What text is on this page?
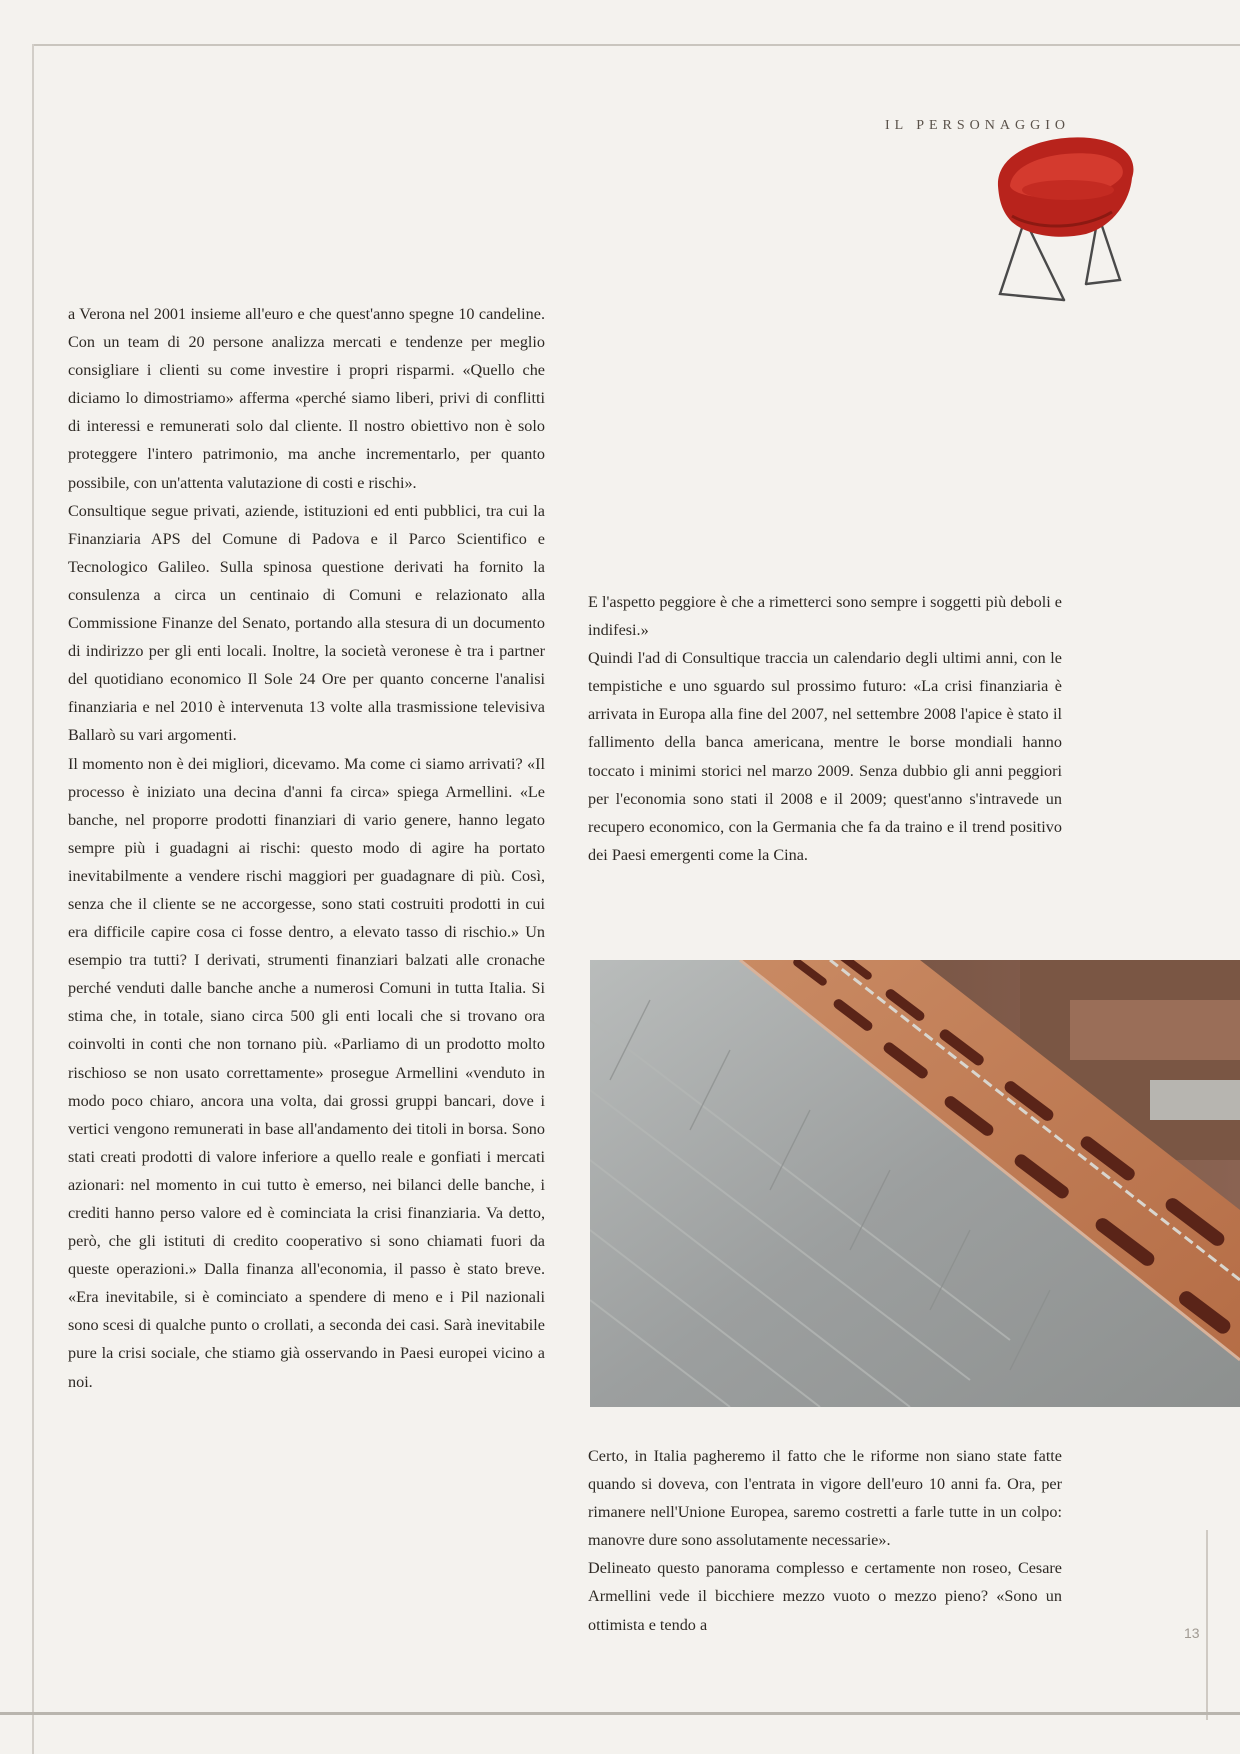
IL PERSONAGGIO

a Verona nel 2001 insieme all'euro e che quest'anno spegne 10 candeline. Con un team di 20 persone analizza mercati e tendenze per meglio consigliare i clienti su come investire i propri risparmi. «Quello che diciamo lo dimostriamo» afferma «perché siamo liberi, privi di conflitti di interessi e remunerati solo dal cliente. Il nostro obiettivo non è solo proteggere l'intero patrimonio, ma anche incrementarlo, per quanto possibile, con un'attenta valutazione di costi e rischi».

Consultique segue privati, aziende, istituzioni ed enti pubblici, tra cui la Finanziaria APS del Comune di Padova e il Parco Scientifico e Tecnologico Galileo. Sulla spinosa questione derivati ha fornito la consulenza a circa un centinaio di Comuni e relazionato alla Commissione Finanze del Senato, portando alla stesura di un documento di indirizzo per gli enti locali. Inoltre, la società veronese è tra i partner del quotidiano economico Il Sole 24 Ore per quanto concerne l'analisi finanziaria e nel 2010 è intervenuta 13 volte alla trasmissione televisiva Ballarò su vari argomenti.

Il momento non è dei migliori, dicevamo. Ma come ci siamo arrivati? «Il processo è iniziato una decina d'anni fa circa» spiega Armellini. «Le banche, nel proporre prodotti finanziari di vario genere, hanno legato sempre più i guadagni ai rischi: questo modo di agire ha portato inevitabilmente a vendere rischi maggiori per guadagnare di più. Così, senza che il cliente se ne accorgesse, sono stati costruiti prodotti in cui era difficile capire cosa ci fosse dentro, a elevato tasso di rischio.» Un esempio tra tutti? I derivati, strumenti finanziari balzati alle cronache perché venduti dalle banche anche a numerosi Comuni in tutta Italia. Si stima che, in totale, siano circa 500 gli enti locali che si trovano ora coinvolti in conti che non tornano più. «Parliamo di un prodotto molto rischioso se non usato correttamente» prosegue Armellini «venduto in modo poco chiaro, ancora una volta, dai grossi gruppi bancari, dove i vertici vengono remunerati in base all'andamento dei titoli in borsa. Sono stati creati prodotti di valore inferiore a quello reale e gonfiati i mercati azionari: nel momento in cui tutto è emerso, nei bilanci delle banche, i crediti hanno perso valore ed è cominciata la crisi finanziaria. Va detto, però, che gli istituti di credito cooperativo si sono chiamati fuori da queste operazioni.» Dalla finanza all'economia, il passo è stato breve. «Era inevitabile, si è cominciato a spendere di meno e i Pil nazionali sono scesi di qualche punto o crollati, a seconda dei casi. Sarà inevitabile pure la crisi sociale, che stiamo già osservando in Paesi europei vicino a noi.

E l'aspetto peggiore è che a rimetterci sono sempre i soggetti più deboli e indifesi.»

Quindi l'ad di Consultique traccia un calendario degli ultimi anni, con le tempistiche e uno sguardo sul prossimo futuro: «La crisi finanziaria è arrivata in Europa alla fine del 2007, nel settembre 2008 l'apice è stato il fallimento della banca americana, mentre le borse mondiali hanno toccato i minimi storici nel marzo 2009. Senza dubbio gli anni peggiori per l'economia sono stati il 2008 e il 2009; quest'anno s'intravede un recupero economico, con la Germania che fa da traino e il trend positivo dei Paesi emergenti come la Cina.

Certo, in Italia pagheremo il fatto che le riforme non siano state fatte quando si doveva, con l'entrata in vigore dell'euro 10 anni fa. Ora, per rimanere nell'Unione Europea, saremo costretti a farle tutte in un colpo: manovre dure sono assolutamente necessarie».

Delineato questo panorama complesso e certamente non roseo, Cesare Armellini vede il bicchiere mezzo vuoto o mezzo pieno? «Sono un ottimista e tendo a	13
